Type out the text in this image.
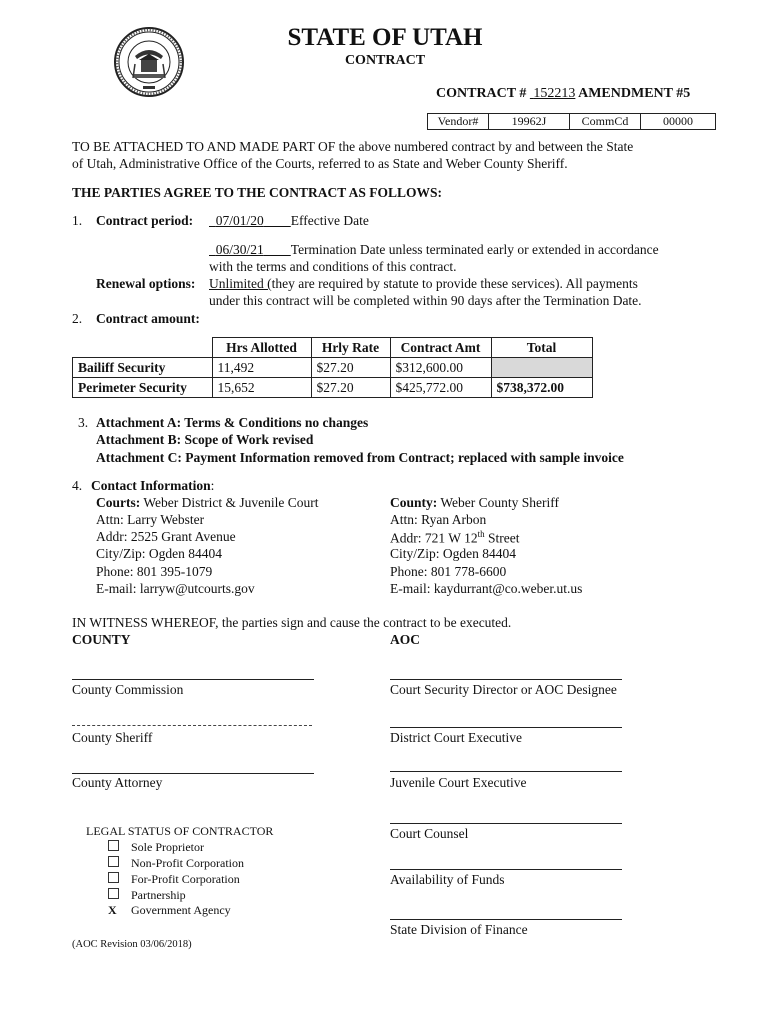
STATE OF UTAH
CONTRACT
CONTRACT # 152213 AMENDMENT #5
Vendor#	19962J	CommCd	00000
TO BE ATTACHED TO AND MADE PART OF the above numbered contract by and between the State
of Utah, Administrative Office of the Courts, referred to as State and Weber County Sheriff.
THE PARTIES AGREE TO THE CONTRACT AS FOLLOWS:
1. Contract period:	07/01/20 Effective Date
06/30/21 Termination Date unless terminated early or extended in accordance
with the terms and conditions of this contract.
Renewal options: Unlimited (they are required by statute to provide these services). All payments
under this contract will be completed within 90 days after the Termination Date.
2. Contract amount:
	Hrs Allotted	Hrly Rate	Contract Amt	Total
Bailiff Security	11,492	$27.20	$312,600.00	
Perimeter Security	15,652	$27.20	$425,772.00	$738,372.00
3. Attachment A: Terms & Conditions no changes
Attachment B: Scope of Work revised
Attachment C: Payment Information removed from Contract; replaced with sample invoice
4. Contact Information:
Courts: Weber District & Juvenile Court
Attn: Larry Webster
Addr: 2525 Grant Avenue
City/Zip: Ogden 84404
Phone: 801 395-1079
E-mail: larryw@utcourts.gov
County: Weber County Sheriff
Attn: Ryan Arbon
Addr: 721 W 12th Street
City/Zip: Ogden 84404
Phone: 801 778-6600
E-mail: kaydurrant@co.weber.ut.us
IN WITNESS WHEREOF, the parties sign and cause the contract to be executed.
COUNTY	AOC
County Commission
County Sheriff
County Attorney
Court Security Director or AOC Designee
District Court Executive
Juvenile Court Executive
Court Counsel
Availability of Funds
State Division of Finance
LEGAL STATUS OF CONTRACTOR
Sole Proprietor
Non-Profit Corporation
For-Profit Corporation
Partnership
X Government Agency
(AOC Revision 03/06/2018)
